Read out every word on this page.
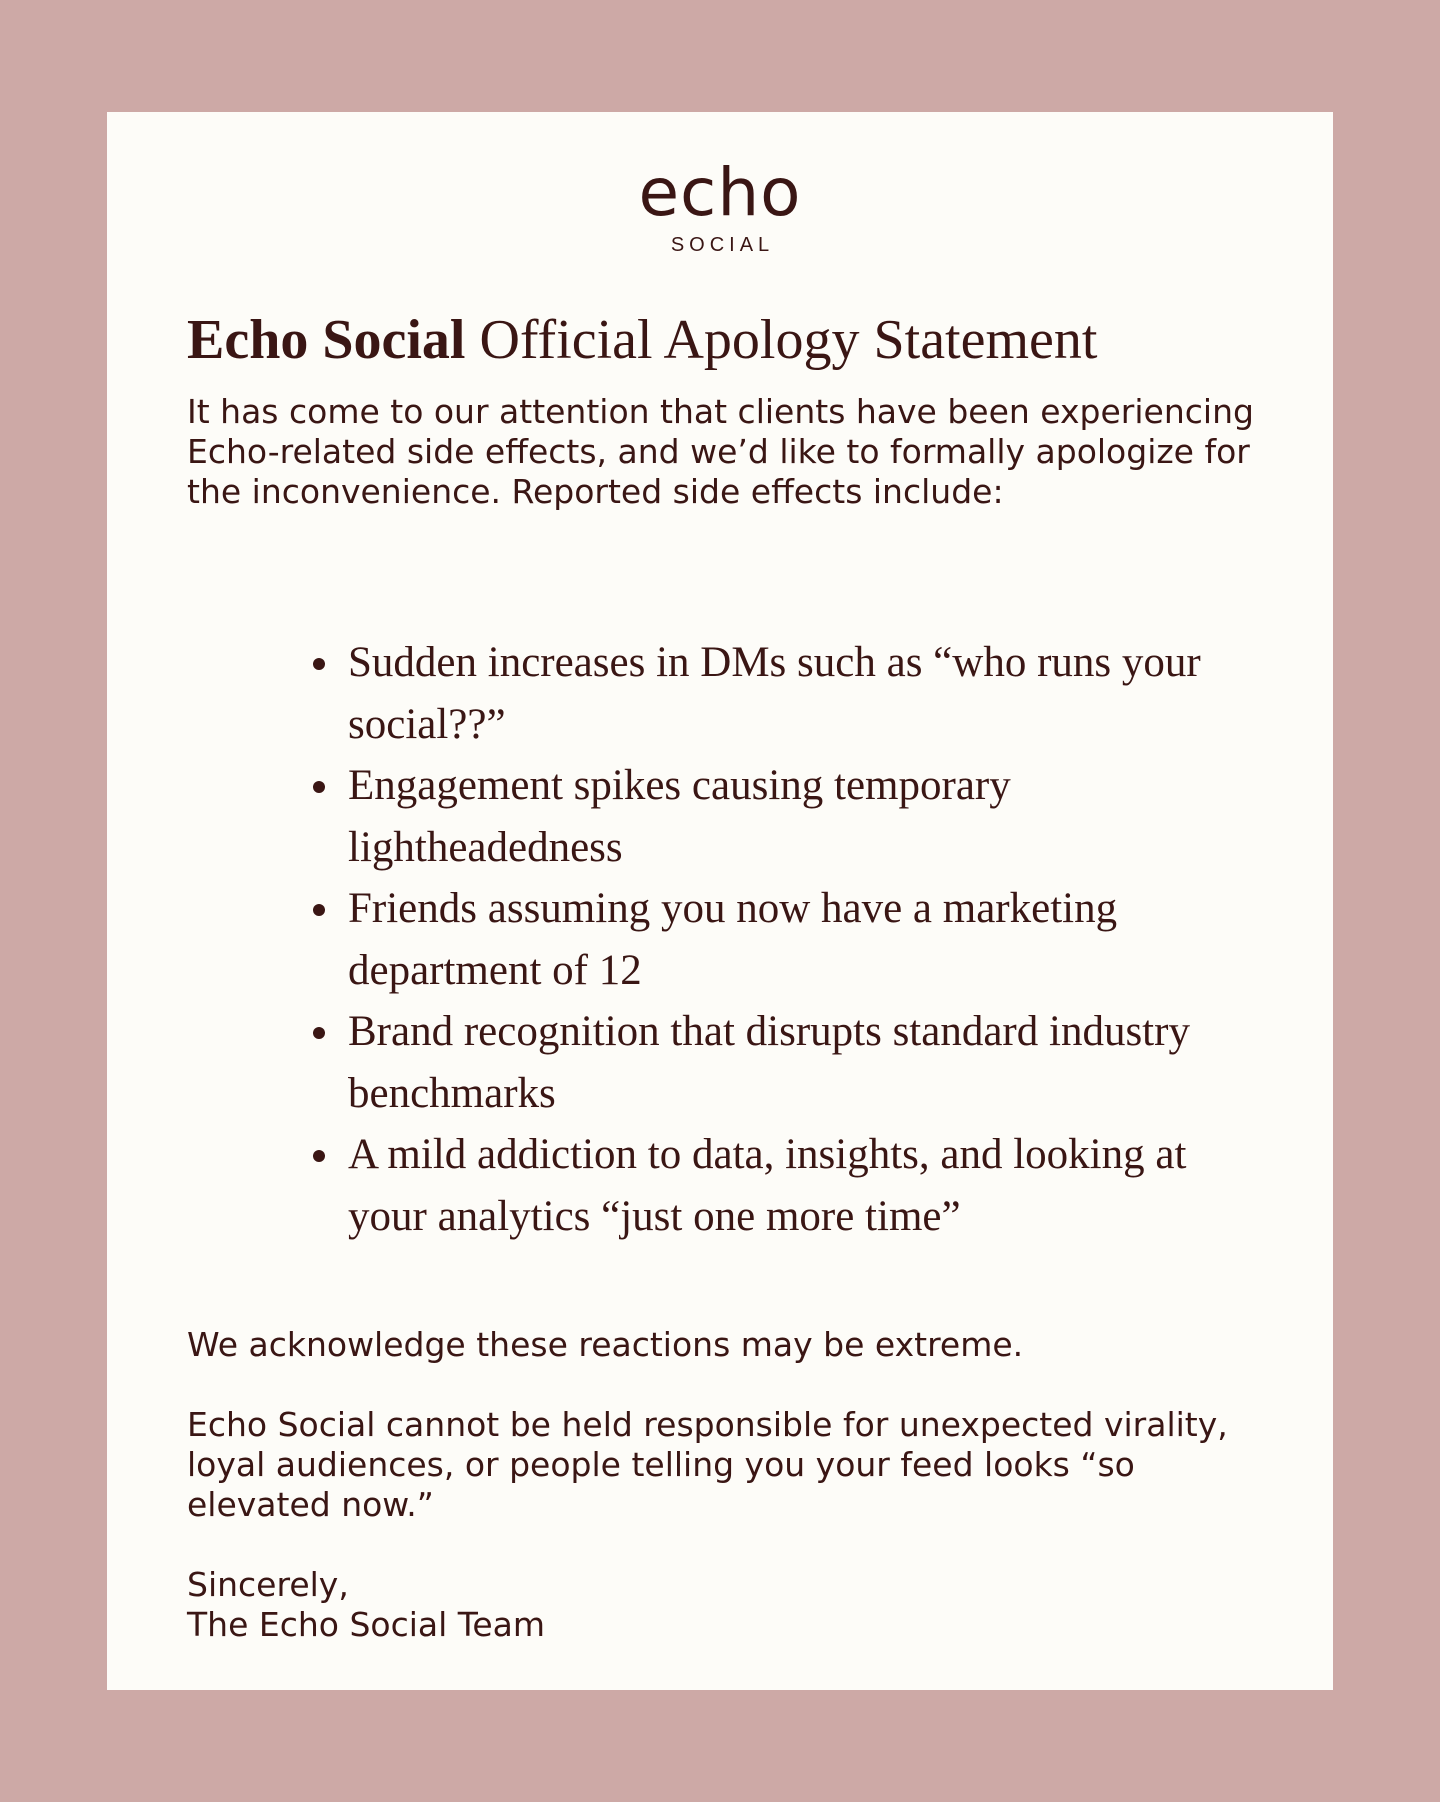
echo
SOCIAL
Echo Social Official Apology Statement

It has come to our attention that clients have been experiencing Echo-related side effects, and we’d like to formally apologize for the inconvenience. Reported side effects include:

• Sudden increases in DMs such as “who runs your social??”
• Engagement spikes causing temporary lightheadedness
• Friends assuming you now have a marketing department of 12
• Brand recognition that disrupts standard industry benchmarks
• A mild addiction to data, insights, and looking at your analytics “just one more time”

We acknowledge these reactions may be extreme.

Echo Social cannot be held responsible for unexpected virality, loyal audiences, or people telling you your feed looks “so elevated now.”

Sincerely,
The Echo Social Team
